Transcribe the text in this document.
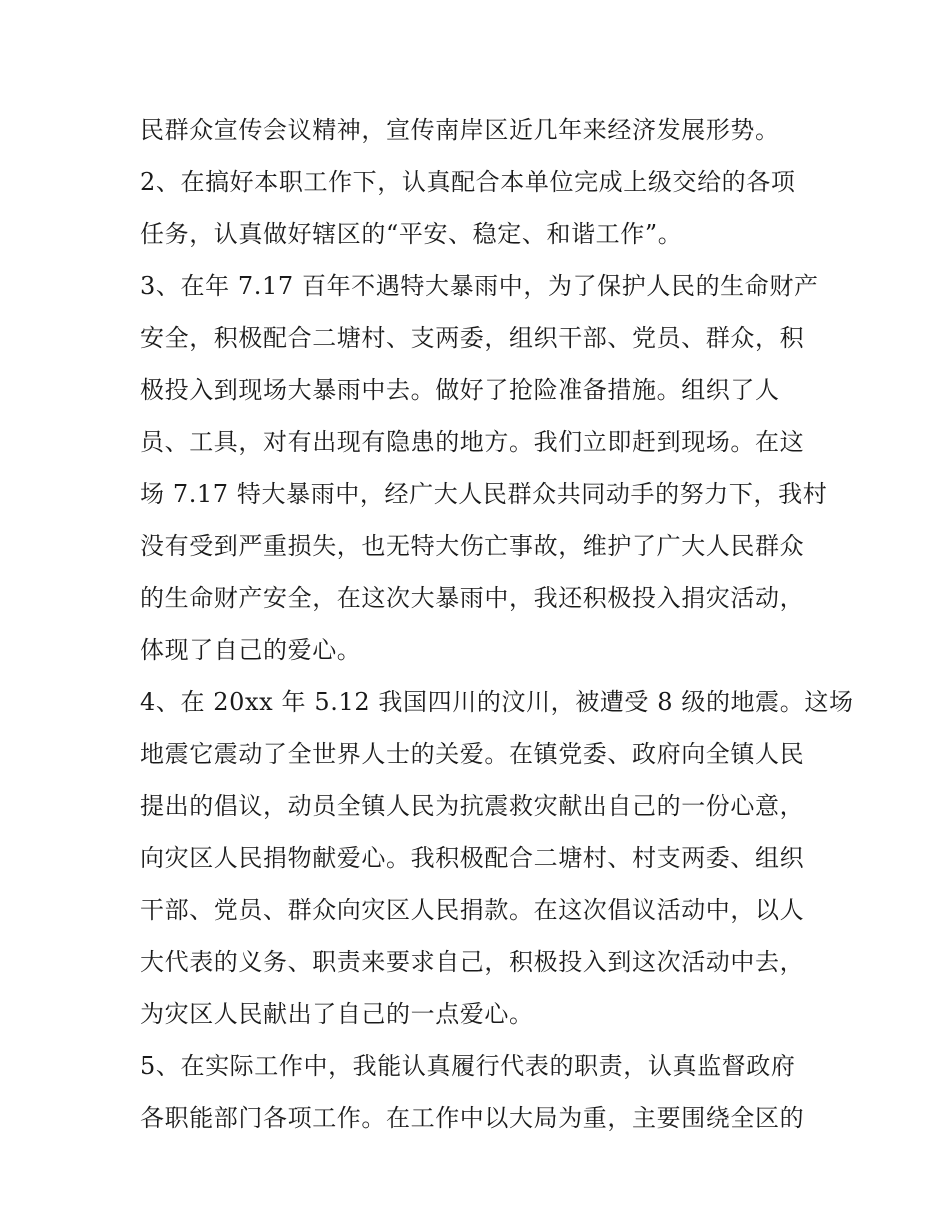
民群众宣传会议精神，宣传南岸区近几年来经济发展形势。
2、在搞好本职工作下，认真配合本单位完成上级交给的各项
任务，认真做好辖区的“平安、稳定、和谐工作”。
3、在年 7.17 百年不遇特大暴雨中，为了保护人民的生命财产
安全，积极配合二塘村、支两委，组织干部、党员、群众，积
极投入到现场大暴雨中去。做好了抢险准备措施。组织了人
员、工具，对有出现有隐患的地方。我们立即赶到现场。在这
场 7.17 特大暴雨中，经广大人民群众共同动手的努力下，我村
没有受到严重损失，也无特大伤亡事故，维护了广大人民群众
的生命财产安全，在这次大暴雨中，我还积极投入捐灾活动，
体现了自己的爱心。
4、在 20xx 年 5.12 我国四川的汶川，被遭受 8 级的地震。这场
地震它震动了全世界人士的关爱。在镇党委、政府向全镇人民
提出的倡议，动员全镇人民为抗震救灾献出自己的一份心意，
向灾区人民捐物献爱心。我积极配合二塘村、村支两委、组织
干部、党员、群众向灾区人民捐款。在这次倡议活动中，以人
大代表的义务、职责来要求自己，积极投入到这次活动中去，
为灾区人民献出了自己的一点爱心。
5、在实际工作中，我能认真履行代表的职责，认真监督政府
各职能部门各项工作。在工作中以大局为重，主要围绕全区的
